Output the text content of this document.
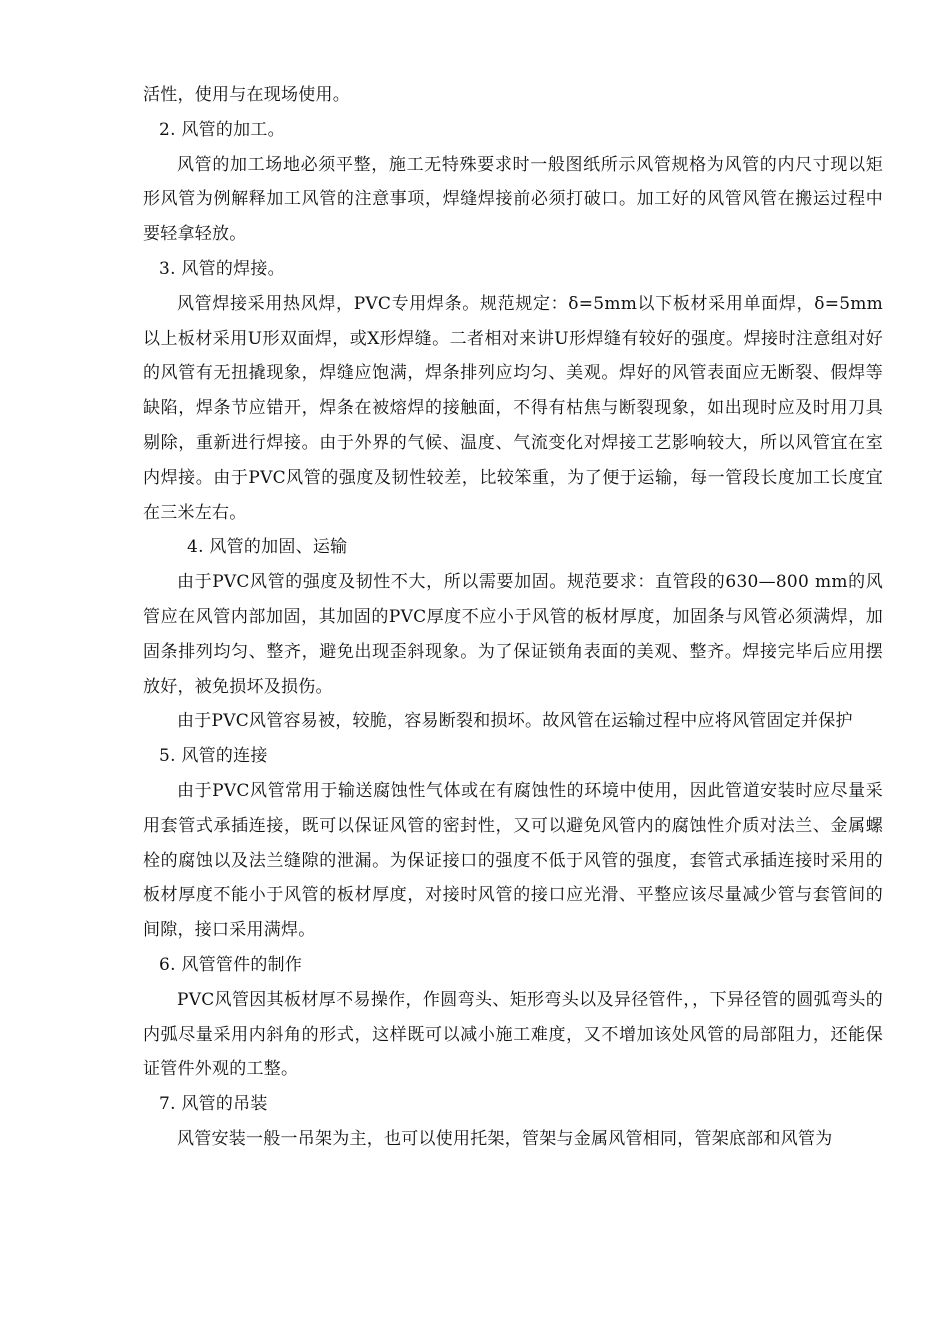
活性，使用与在现场使用。

2. 风管的加工。

风管的加工场地必须平整，施工无特殊要求时一般图纸所示风管规格为风管的内尺寸现以矩形风管为例解释加工风管的注意事项，焊缝焊接前必须打破口。加工好的风管风管在搬运过程中要轻拿轻放。

3. 风管的焊接。

风管焊接采用热风焊，PVC专用焊条。规范规定：δ=5mm以下板材采用单面焊，δ=5mm以上板材采用U形双面焊，或X形焊缝。二者相对来讲U形焊缝有较好的强度。焊接时注意组对好的风管有无扭撬现象，焊缝应饱满，焊条排列应均匀、美观。焊好的风管表面应无断裂、假焊等缺陷，焊条节应错开，焊条在被熔焊的接触面，不得有枯焦与断裂现象，如出现时应及时用刀具剔除，重新进行焊接。由于外界的气候、温度、气流变化对焊接工艺影响较大，所以风管宜在室内焊接。由于PVC风管的强度及韧性较差，比较笨重，为了便于运输，每一管段长度加工长度宜在三米左右。

4. 风管的加固、运输

由于PVC风管的强度及韧性不大，所以需要加固。规范要求：直管段的630—800 mm的风管应在风管内部加固，其加固的PVC厚度不应小于风管的板材厚度，加固条与风管必须满焊，加固条排列均匀、整齐，避免出现歪斜现象。为了保证锁角表面的美观、整齐。焊接完毕后应用摆放好，被免损坏及损伤。

由于PVC风管容易被，较脆，容易断裂和损坏。故风管在运输过程中应将风管固定并保护

5. 风管的连接

由于PVC风管常用于输送腐蚀性气体或在有腐蚀性的环境中使用，因此管道安装时应尽量采用套管式承插连接，既可以保证风管的密封性，又可以避免风管内的腐蚀性介质对法兰、金属螺栓的腐蚀以及法兰缝隙的泄漏。为保证接口的强度不低于风管的强度，套管式承插连接时采用的板材厚度不能小于风管的板材厚度，对接时风管的接口应光滑、平整应该尽量减少管与套管间的间隙，接口采用满焊。

6. 风管管件的制作

PVC风管因其板材厚不易操作，作圆弯头、矩形弯头以及异径管件，，下异径管的圆弧弯头的内弧尽量采用内斜角的形式，这样既可以减小施工难度，又不增加该处风管的局部阻力，还能保证管件外观的工整。

7. 风管的吊装

风管安装一般一吊架为主，也可以使用托架，管架与金属风管相同，管架底部和风管为
